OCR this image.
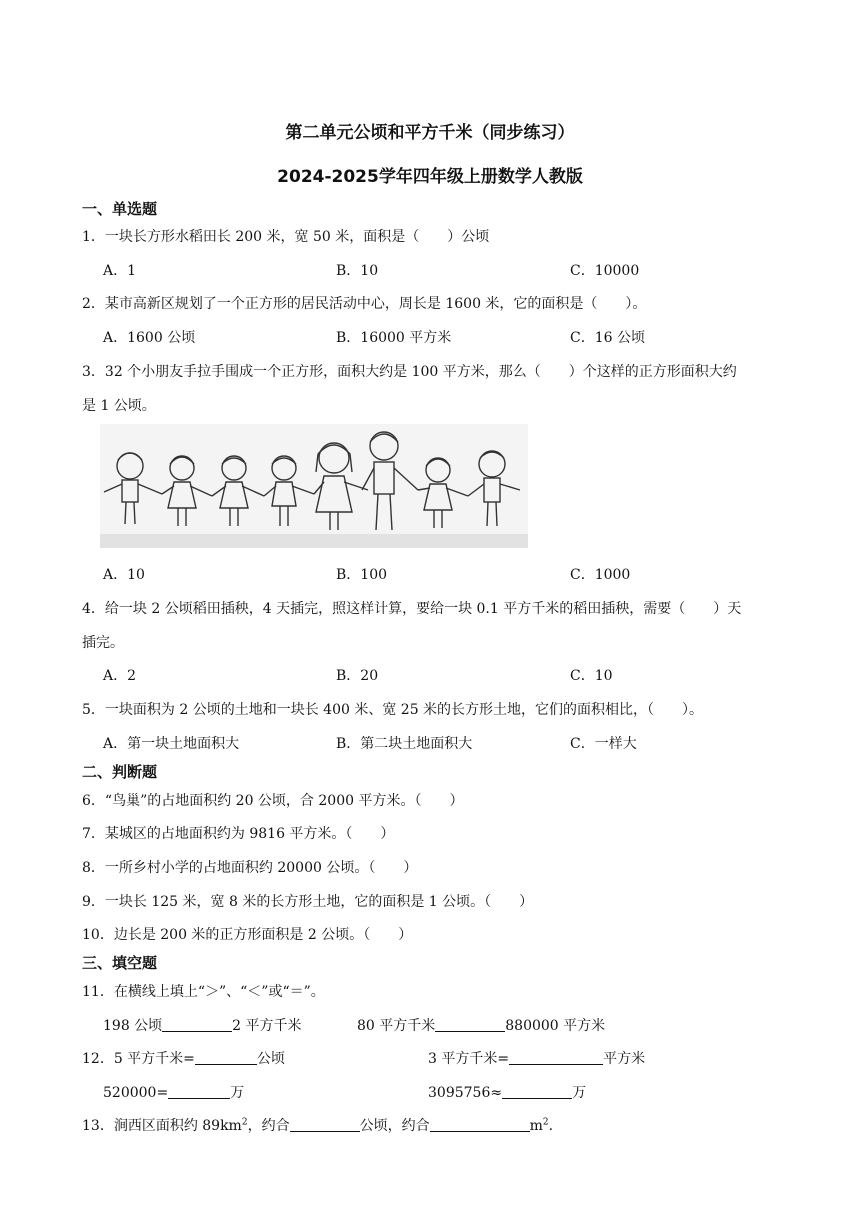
第二单元公顷和平方千米（同步练习）
2024-2025学年四年级上册数学人教版
一、单选题
1．一块长方形水稻田长 200 米，宽 50 米，面积是（　　）公顷
A．1	B．10	C．10000
2．某市高新区规划了一个正方形的居民活动中心，周长是 1600 米，它的面积是（　　）。
A．1600 公顷	B．16000 平方米	C．16 公顷
3．32 个小朋友手拉手围成一个正方形，面积大约是 100 平方米，那么（　　）个这样的正方形面积大约
是 1 公顷。
A．10	B．100	C．1000
4．给一块 2 公顷稻田插秧，4 天插完，照这样计算，要给一块 0.1 平方千米的稻田插秧，需要（　　）天
插完。
A．2	B．20	C．10
5．一块面积为 2 公顷的土地和一块长 400 米、宽 25 米的长方形土地，它们的面积相比，（　　）。
A．第一块土地面积大	B．第二块土地面积大	C．一样大
二、判断题
6．“鸟巢”的占地面积约 20 公顷，合 2000 平方米。（　　）
7．某城区的占地面积约为 9816 平方米。（　　）
8．一所乡村小学的占地面积约 20000 公顷。（　　）
9．一块长 125 米，宽 8 米的长方形土地，它的面积是 1 公顷。（　　）
10．边长是 200 米的正方形面积是 2 公顷。（　　）
三、填空题
11．在横线上填上“＞”、“＜”或“＝”。
198 公顷	2 平方千米	80 平方千米	880000 平方米
12．5 平方千米=	公顷	3 平方千米=	平方米
520000=	万	3095756≈	万
13．涧西区面积约 $89km^2$，约合	公顷，约合	$m^2$.
